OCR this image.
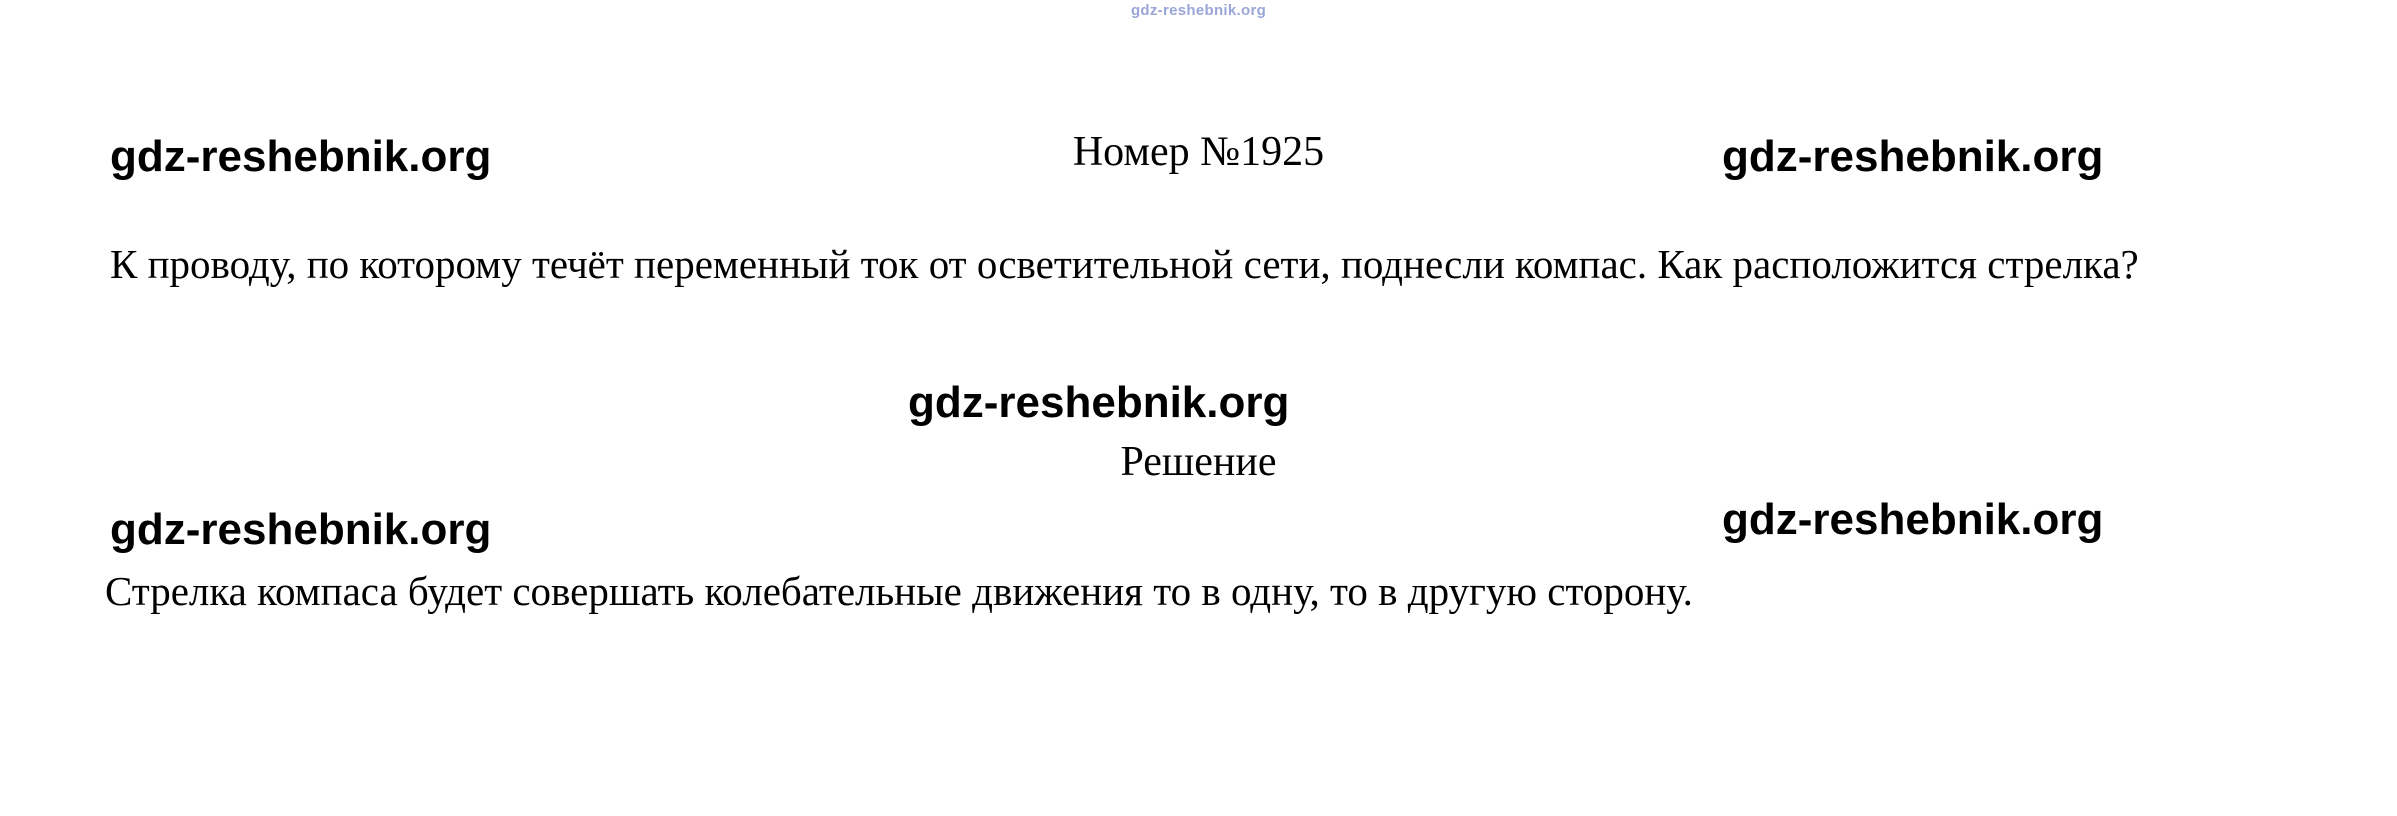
gdz-reshebnik.org
gdz-reshebnik.org	Номер №1925	gdz-reshebnik.org
К проводу, по которому течёт переменный ток от осветительной сети, поднесли компас. Как расположится стрелка?
gdz-reshebnik.org
Решение
gdz-reshebnik.org	gdz-reshebnik.org
Стрелка компаса будет совершать колебательные движения то в одну, то в другую сторону.
